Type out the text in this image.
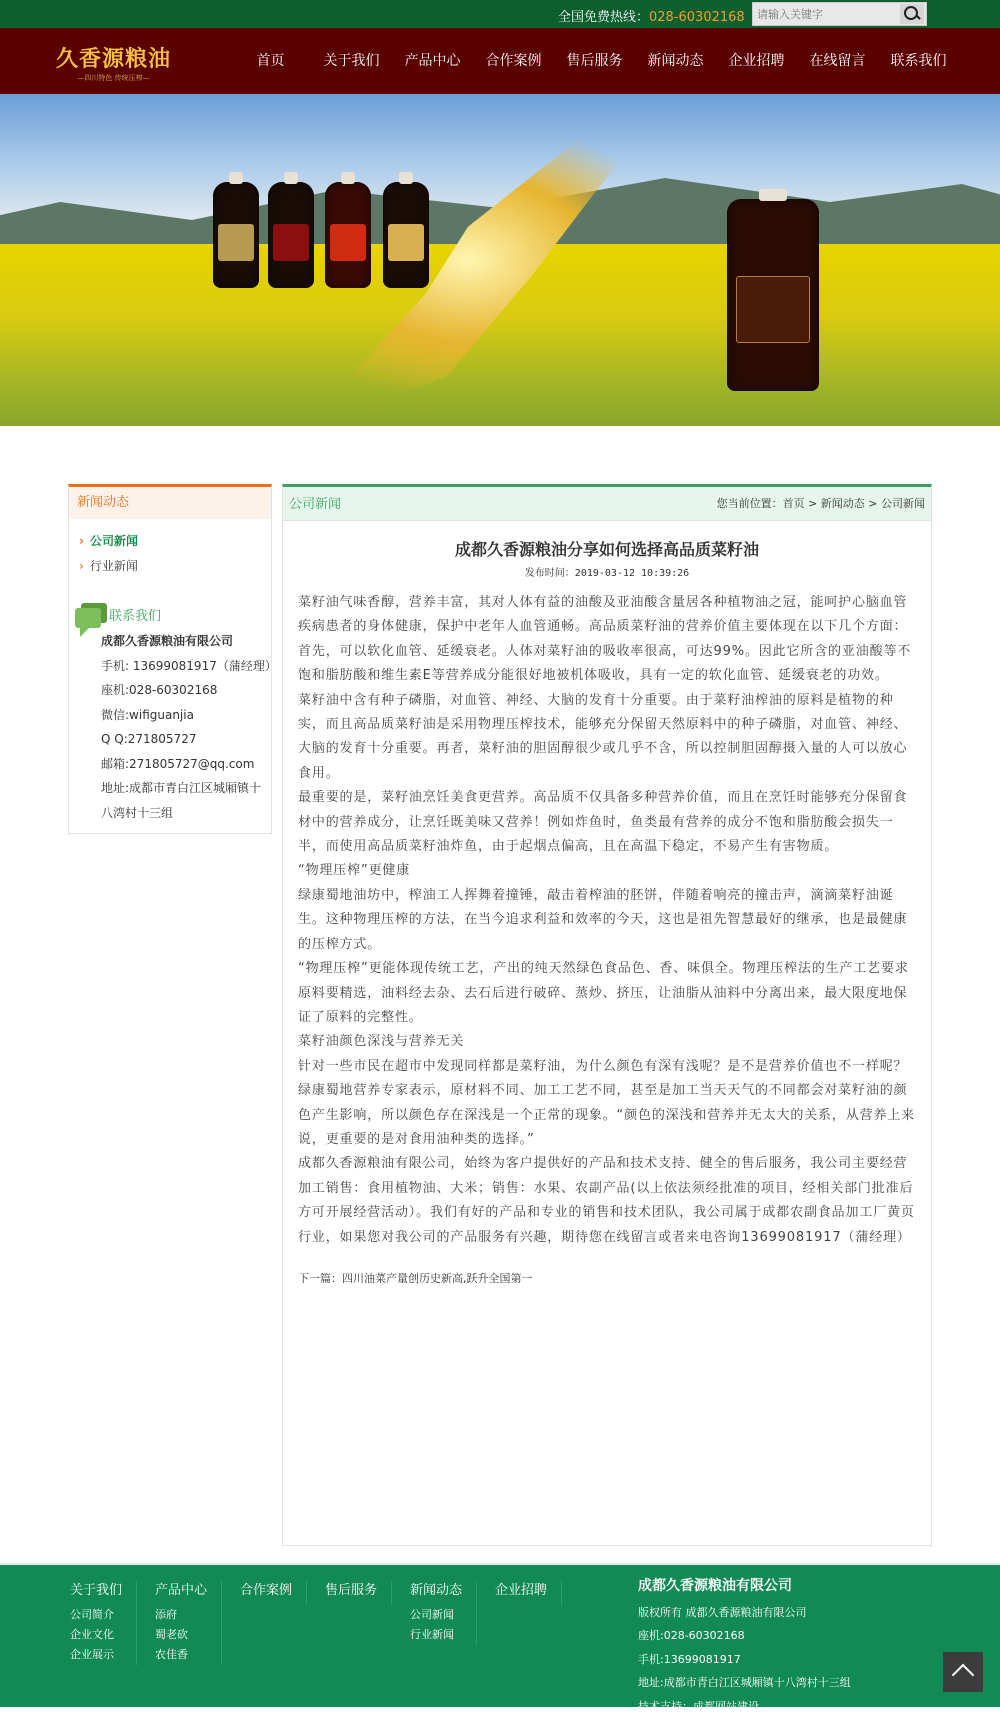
全国免费热线：028-60302168
请输入关键字
久香源粮油
—四川特色 传统压榨—
首页	关于我们	产品中心	合作案例	售后服务	新闻动态	企业招聘	在线留言	联系我们
新闻动态
› 公司新闻
› 行业新闻
联系我们
成都久香源粮油有限公司
手机: 13699081917（蒲经理）
座机:028-60302168
微信:wifiguanjia
Q Q:271805727
邮箱:271805727@qq.com
地址:成都市青白江区城厢镇十八湾村十三组
公司新闻	您当前位置：首页 > 新闻动态 > 公司新闻
成都久香源粮油分享如何选择高品质菜籽油
发布时间：2019-03-12 10:39:26

菜籽油气味香醇，营养丰富，其对人体有益的油酸及亚油酸含量居各种植物油之冠，能呵护心脑血管疾病患者的身体健康，保护中老年人血管通畅。高品质菜籽油的营养价值主要体现在以下几个方面：

首先，可以软化血管、延缓衰老。人体对菜籽油的吸收率很高，可达99%。因此它所含的亚油酸等不饱和脂肪酸和维生素E等营养成分能很好地被机体吸收，具有一定的软化血管、延缓衰老的功效。

菜籽油中含有种子磷脂，对血管、神经、大脑的发育十分重要。由于菜籽油榨油的原料是植物的种实，而且高品质菜籽油是采用物理压榨技术，能够充分保留天然原料中的种子磷脂，对血管、神经、大脑的发育十分重要。再者，菜籽油的胆固醇很少或几乎不含，所以控制胆固醇摄入量的人可以放心食用。

最重要的是，菜籽油烹饪美食更营养。高品质不仅具备多种营养价值，而且在烹饪时能够充分保留食材中的营养成分，让烹饪既美味又营养！例如炸鱼时，鱼类最有营养的成分不饱和脂肪酸会损失一半，而使用高品质菜籽油炸鱼，由于起烟点偏高，且在高温下稳定，不易产生有害物质。

“物理压榨”更健康

绿康蜀地油坊中，榨油工人挥舞着撞锤，敲击着榨油的胚饼，伴随着响亮的撞击声，滴滴菜籽油诞生。这种物理压榨的方法，在当今追求利益和效率的今天，这也是祖先智慧最好的继承，也是最健康的压榨方式。

“物理压榨”更能体现传统工艺，产出的纯天然绿色食品色、香、味俱全。物理压榨法的生产工艺要求原料要精选，油料经去杂、去石后进行破碎、蒸炒、挤压，让油脂从油料中分离出来，最大限度地保证了原料的完整性。

菜籽油颜色深浅与营养无关

针对一些市民在超市中发现同样都是菜籽油，为什么颜色有深有浅呢？是不是营养价值也不一样呢？绿康蜀地营养专家表示，原材料不同、加工工艺不同，甚至是加工当天天气的不同都会对菜籽油的颜色产生影响，所以颜色存在深浅是一个正常的现象。“颜色的深浅和营养并无太大的关系，从营养上来说，更重要的是对食用油种类的选择。”

成都久香源粮油有限公司，始终为客户提供好的产品和技术支持、健全的售后服务，我公司主要经营加工销售：食用植物油、大米；销售：水果、农副产品(以上依法须经批准的项目，经相关部门批准后方可开展经营活动）。我们有好的产品和专业的销售和技术团队，我公司属于成都农副食品加工厂黄页行业，如果您对我公司的产品服务有兴趣，期待您在线留言或者来电咨询13699081917（蒲经理）

下一篇：四川油菜产量创历史新高,跃升全国第一
关于我们
公司简介
企业文化
企业展示
产品中心
添府
蜀老砍
农佳香
合作案例	售后服务	新闻动态
公司新闻
行业新闻
企业招聘	成都久香源粮油有限公司
版权所有 成都久香源粮油有限公司
座机:028-60302168
手机:13699081917
地址:成都市青白江区城厢镇十八湾村十三组
技术支持：成都网站建设
